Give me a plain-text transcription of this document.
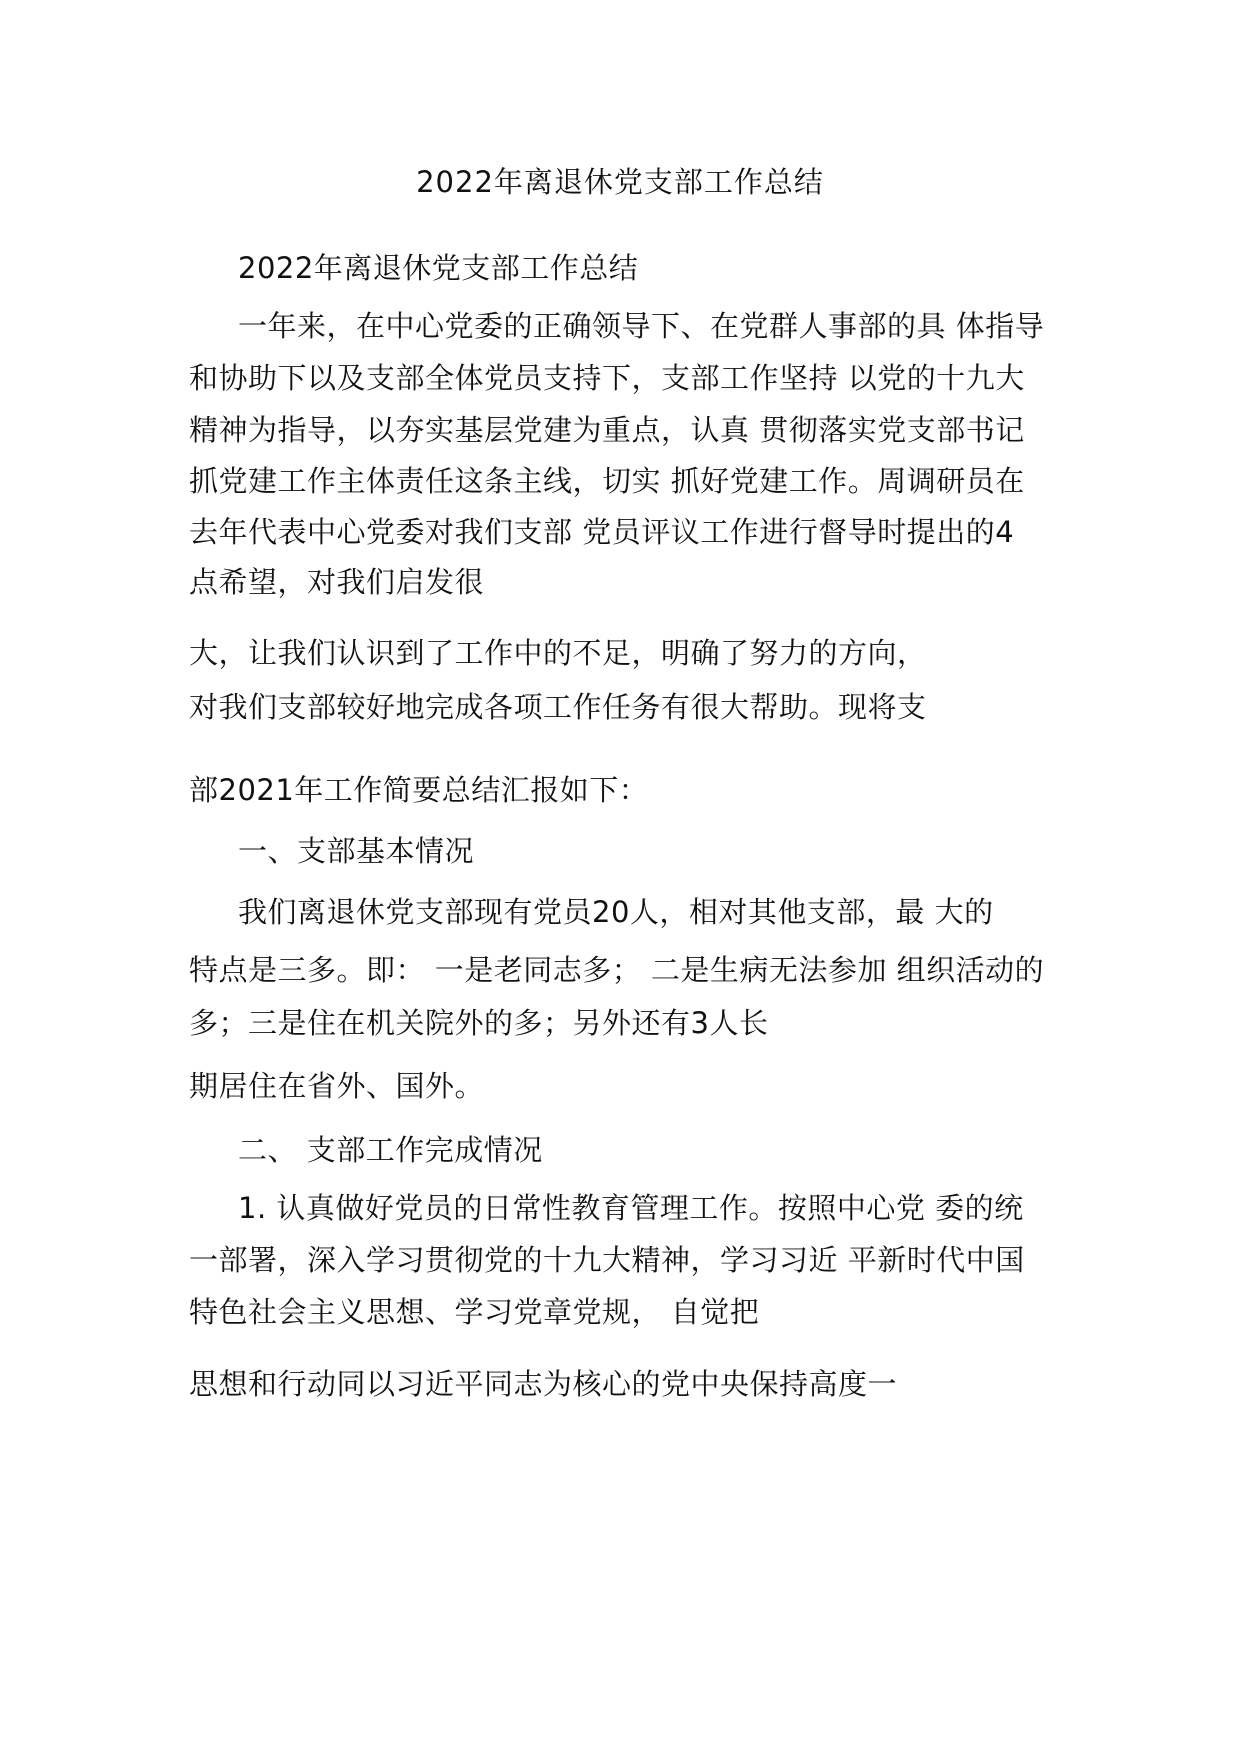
2022年离退休党支部工作总结
2022年离退休党支部工作总结
一年来，在中心党委的正确领导下、在党群人事部的具 体指导
和协助下以及支部全体党员支持下，支部工作坚持 以党的十九大
精神为指导，以夯实基层党建为重点，认真 贯彻落实党支部书记
抓党建工作主体责任这条主线，切实 抓好党建工作。周调研员在
去年代表中心党委对我们支部 党员评议工作进行督导时提出的4
点希望，对我们启发很
大，让我们认识到了工作中的不足，明确了努力的方向，
对我们支部较好地完成各项工作任务有很大帮助。现将支
部2021年工作简要总结汇报如下：
一、支部基本情况
我们离退休党支部现有党员20人，相对其他支部，最 大的
特点是三多。即： 一是老同志多； 二是生病无法参加 组织活动的
多；三是住在机关院外的多；另外还有3人长
期居住在省外、国外。
二、 支部工作完成情况
1. 认真做好党员的日常性教育管理工作。按照中心党 委的统
一部署，深入学习贯彻党的十九大精神，学习习近 平新时代中国
特色社会主义思想、学习党章党规， 自觉把
思想和行动同以习近平同志为核心的党中央保持高度一
